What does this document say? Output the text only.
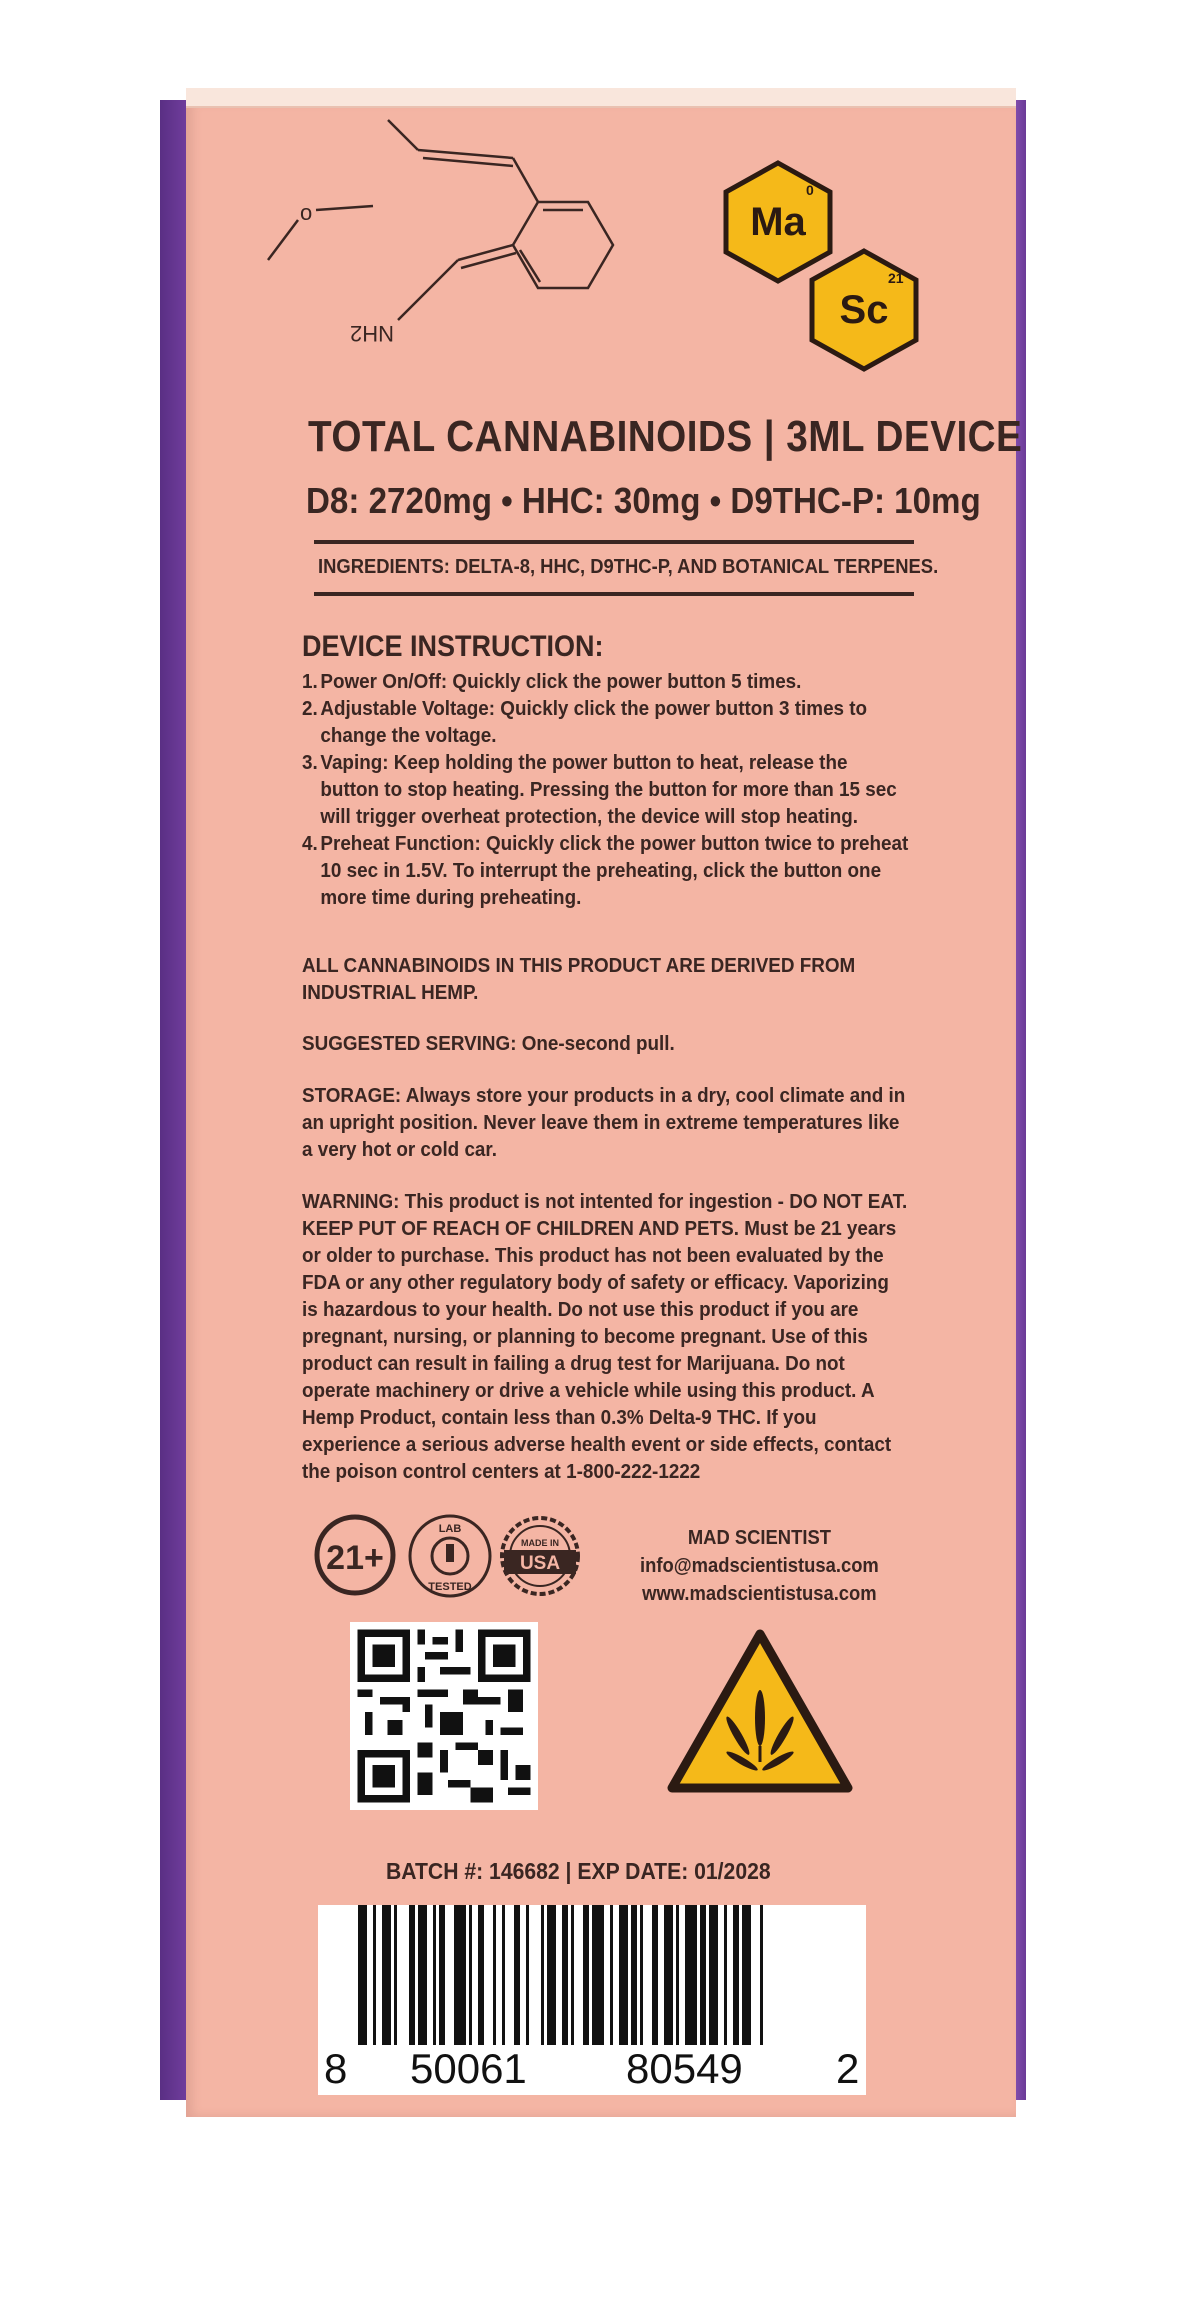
o
NH2
Ma
0
Sc
21
TOTAL CANNABINOIDS | 3ML DEVICE
D8: 2720mg • HHC: 30mg • D9THC-P: 10mg
INGREDIENTS: DELTA-8, HHC, D9THC-P, AND BOTANICAL TERPENES.
DEVICE INSTRUCTION:
1. Power On/Off: Quickly click the power button 5 times.
2. Adjustable Voltage: Quickly click the power button 3 times to change the voltage.
3. Vaping: Keep holding the power button to heat, release the button to stop heating. Pressing the button for more than 15 sec will trigger overheat protection, the device will stop heating.
4. Preheat Function: Quickly click the power button twice to preheat 10 sec in 1.5V. To interrupt the preheating, click the button one more time during preheating.
ALL CANNABINOIDS IN THIS PRODUCT ARE DERIVED FROM INDUSTRIAL HEMP.
SUGGESTED SERVING: One-second pull.
STORAGE: Always store your products in a dry, cool climate and in an upright position. Never leave them in extreme temperatures like a very hot or cold car.
WARNING: This product is not intented for ingestion - DO NOT EAT. KEEP PUT OF REACH OF CHILDREN AND PETS. Must be 21 years or older to purchase. This product has not been evaluated by the FDA or any other regulatory body of safety or efficacy. Vaporizing is hazardous to your health. Do not use this product if you are pregnant, nursing, or planning to become pregnant. Use of this product can result in failing a drug test for Marijuana. Do not operate machinery or drive a vehicle while using this product. A Hemp Product, contain less than 0.3% Delta-9 THC. If you experience a serious adverse health event or side effects, contact the poison control centers at 1-800-222-1222
21+
LAB
TESTED
MADE IN
USA
MAD SCIENTIST
info@madscientistusa.com
www.madscientistusa.com
BATCH #: 146682 | EXP DATE: 01/2028
8 50061 80549 2
